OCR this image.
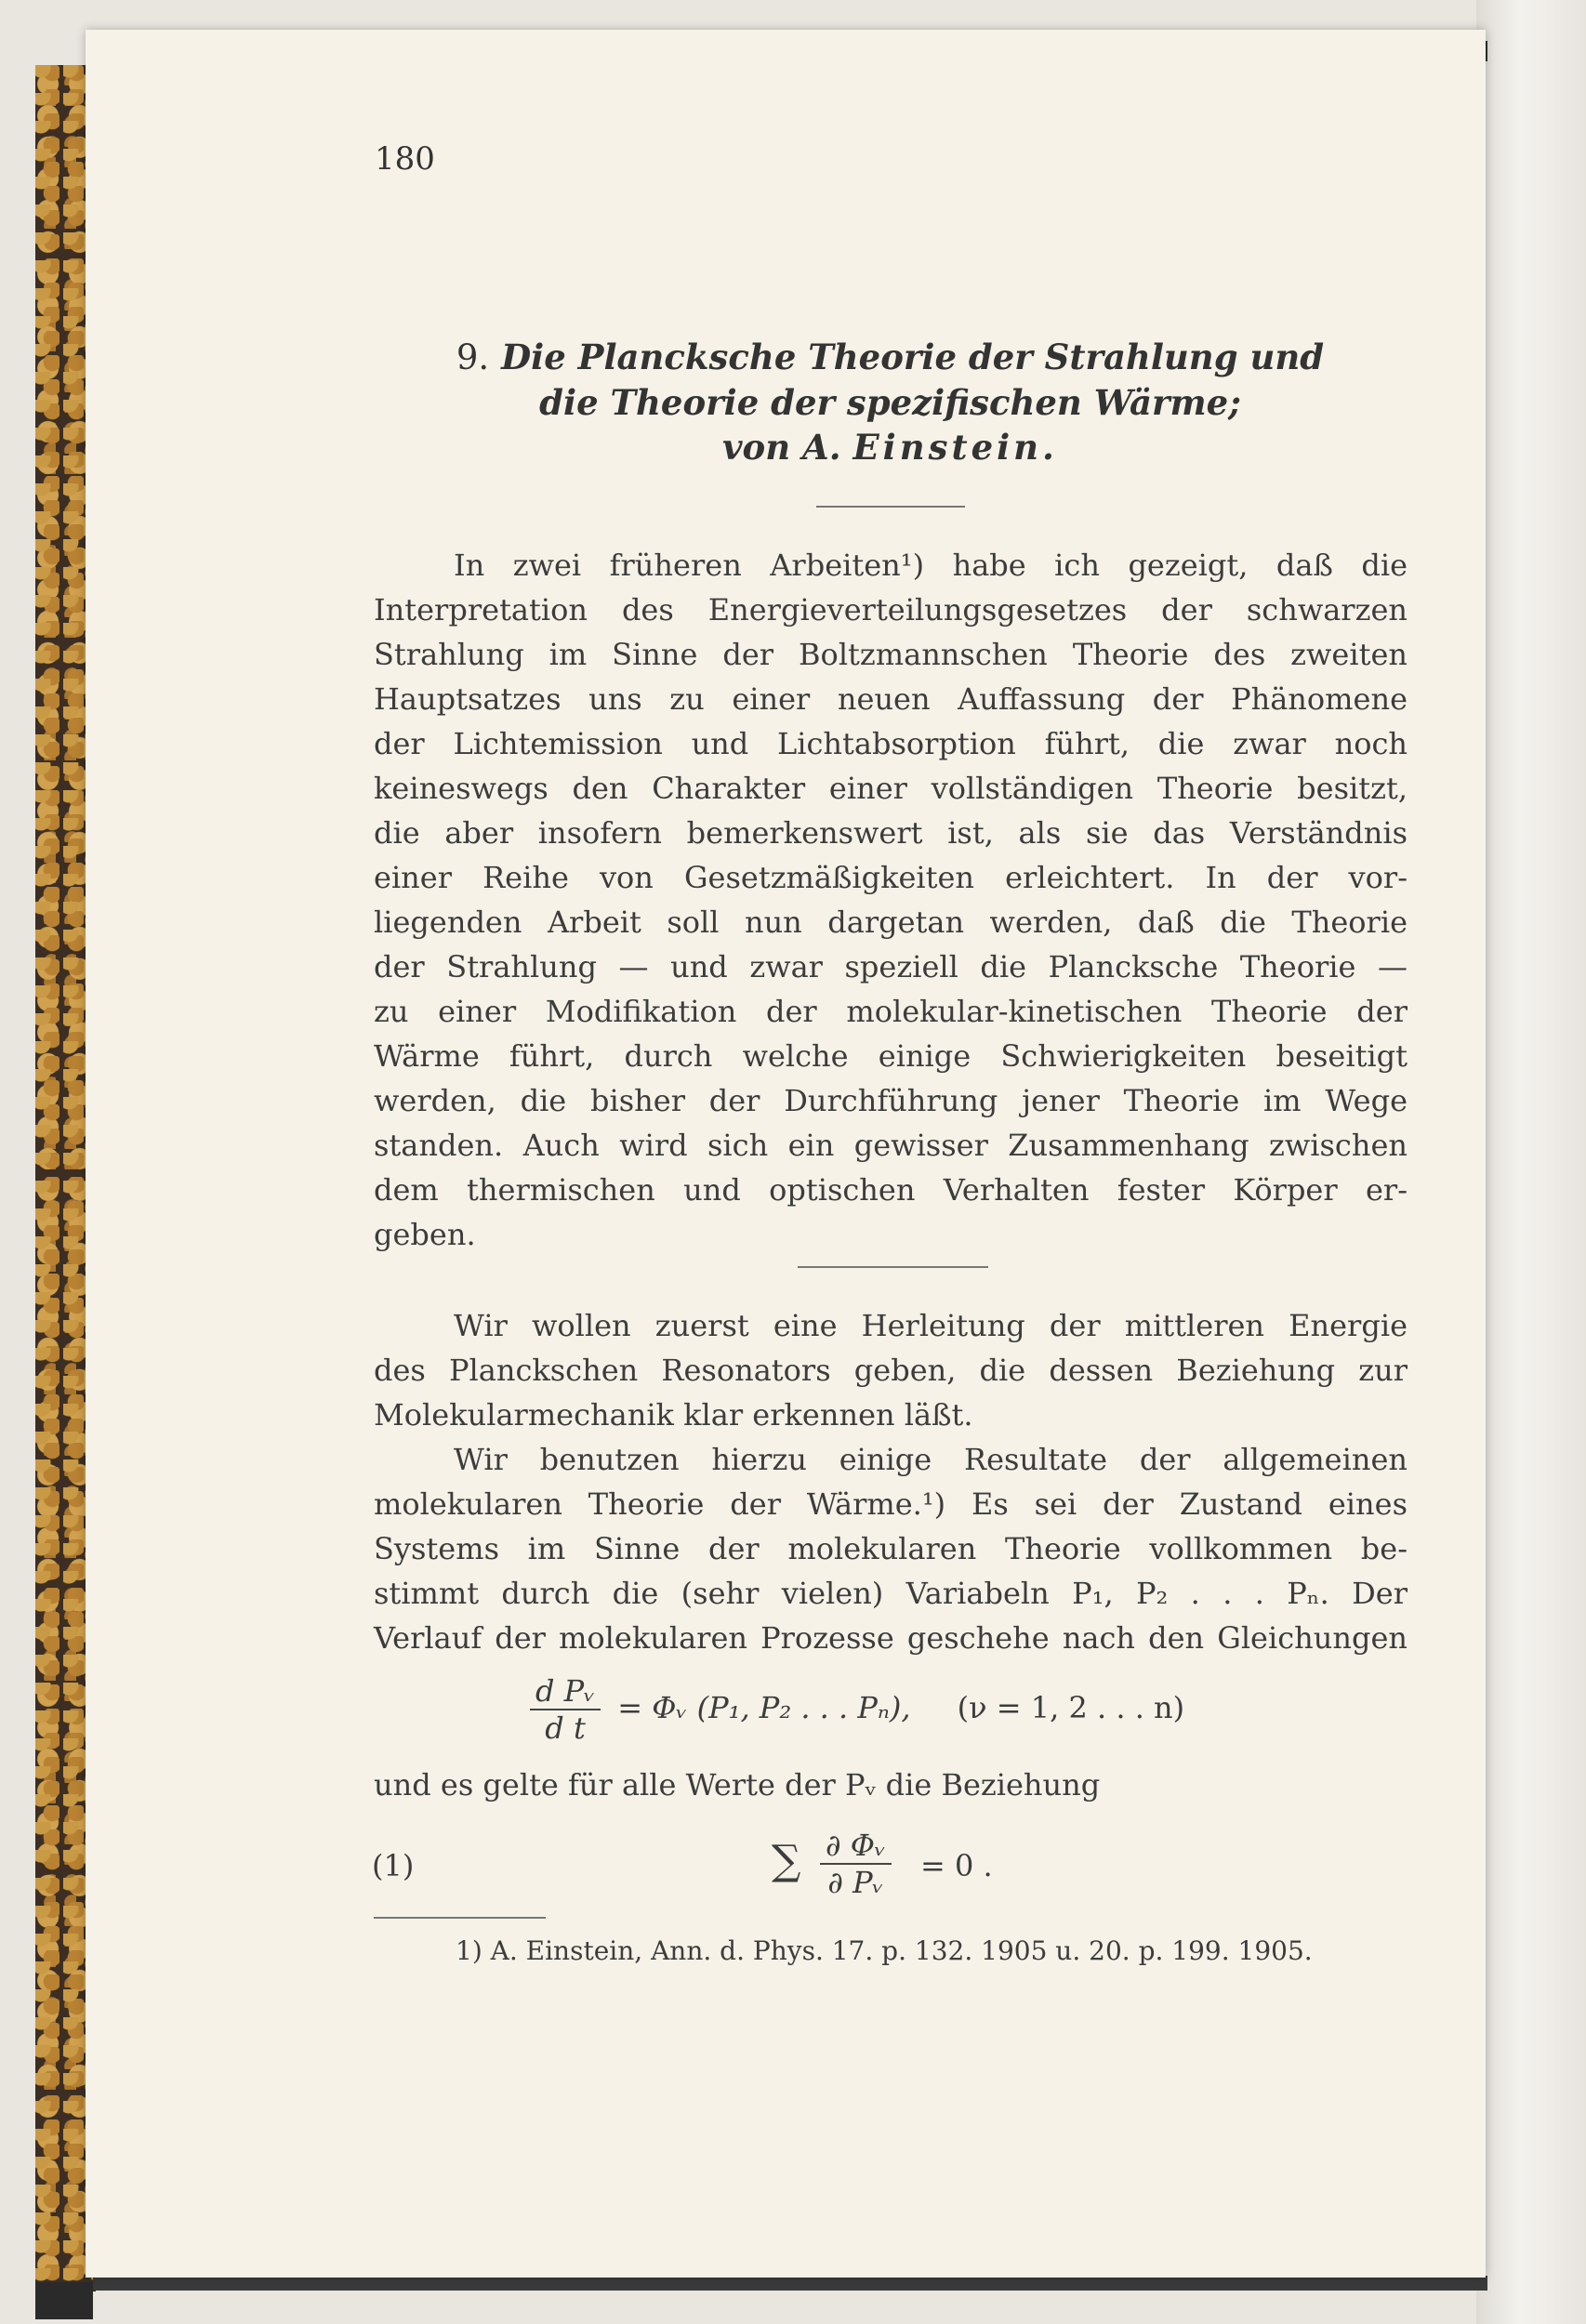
180
9. Die Plancksche Theorie der Strahlung und
die Theorie der spezifischen Wärme;
von A. Einstein.
In zwei früheren Arbeiten¹) habe ich gezeigt, daß die
Interpretation des Energieverteilungsgesetzes der schwarzen
Strahlung im Sinne der Boltzmannschen Theorie des zweiten
Hauptsatzes uns zu einer neuen Auffassung der Phänomene
der Lichtemission und Lichtabsorption führt, die zwar noch
keineswegs den Charakter einer vollständigen Theorie besitzt,
die aber insofern bemerkenswert ist, als sie das Verständnis
einer Reihe von Gesetzmäßigkeiten erleichtert. In der vor-
liegenden Arbeit soll nun dargetan werden, daß die Theorie
der Strahlung — und zwar speziell die Plancksche Theorie —
zu einer Modifikation der molekular-kinetischen Theorie der
Wärme führt, durch welche einige Schwierigkeiten beseitigt
werden, die bisher der Durchführung jener Theorie im Wege
standen. Auch wird sich ein gewisser Zusammenhang zwischen
dem thermischen und optischen Verhalten fester Körper er-
geben.
Wir wollen zuerst eine Herleitung der mittleren Energie
des Planckschen Resonators geben, die dessen Beziehung zur
Molekularmechanik klar erkennen läßt.
Wir benutzen hierzu einige Resultate der allgemeinen
molekularen Theorie der Wärme.¹) Es sei der Zustand eines
Systems im Sinne der molekularen Theorie vollkommen be-
stimmt durch die (sehr vielen) Variabeln P₁, P₂ . . . Pₙ. Der
Verlauf der molekularen Prozesse geschehe nach den Gleichungen
$\frac{\text{d Pᵥ}}{\text{d t}}$ = Φᵥ (P₁, P₂ . . . Pₙ), (ν = 1, 2 . . . n)
und es gelte für alle Werte der Pᵥ die Beziehung
(1)	∑ $\frac{\text{∂ Φᵥ}}{\text{∂ Pᵥ}} = 0$ .
1) A. Einstein, Ann. d. Phys. 17. p. 132. 1905 u. 20. p. 199. 1905.
